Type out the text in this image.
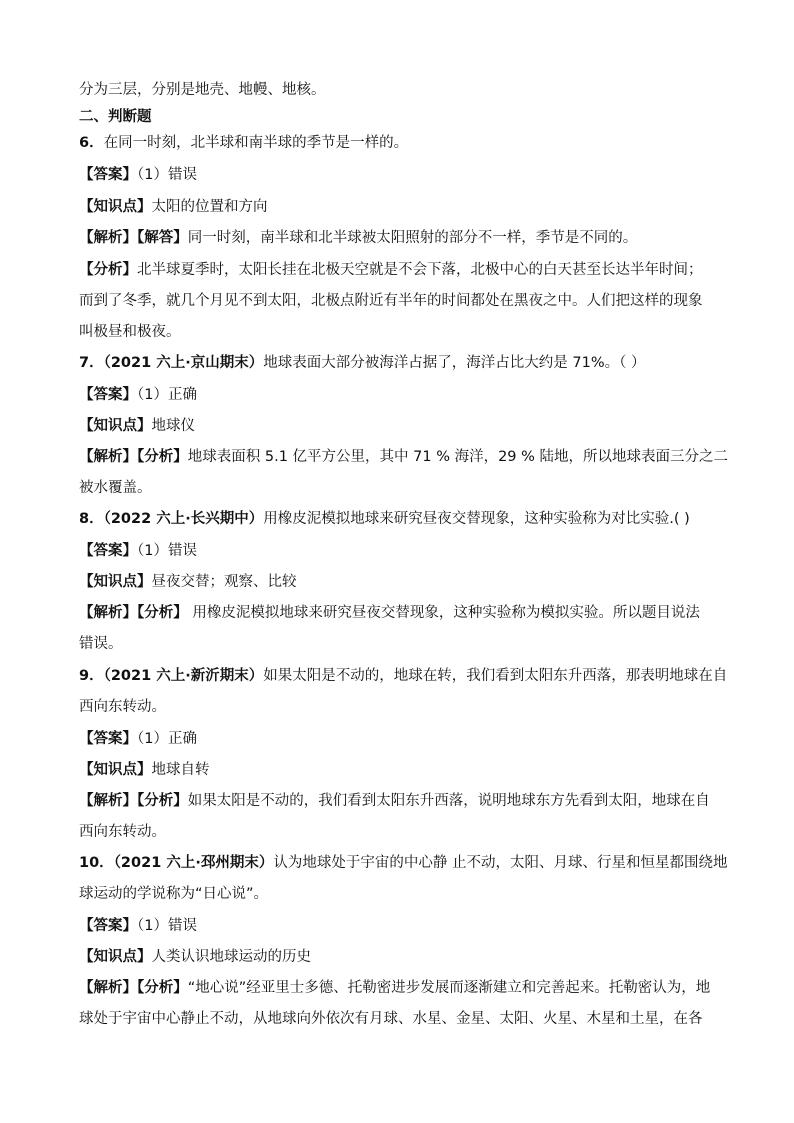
分为三层，分别是地壳、地幔、地核。
二、判断题
6．在同一时刻，北半球和南半球的季节是一样的。
【答案】（1）错误
【知识点】太阳的位置和方向
【解析】【解答】同一时刻，南半球和北半球被太阳照射的部分不一样，季节是不同的。
【分析】北半球夏季时，太阳长挂在北极天空就是不会下落，北极中心的白天甚至长达半年时间；
而到了冬季，就几个月见不到太阳，北极点附近有半年的时间都处在黑夜之中。人们把这样的现象
叫极昼和极夜。
7．（2021 六上·京山期末）地球表面大部分被海洋占据了，海洋占比大约是 71%。（ ）
【答案】（1）正确
【知识点】地球仪
【解析】【分析】地球表面积 5.1 亿平方公里，其中 71 % 海洋，29 % 陆地，所以地球表面三分之二
被水覆盖。
8．（2022 六上·长兴期中）用橡皮泥模拟地球来研究昼夜交替现象，这种实验称为对比实验.( )
【答案】（1）错误
【知识点】昼夜交替；观察、比较
【解析】【分析】 用橡皮泥模拟地球来研究昼夜交替现象，这种实验称为模拟实验。所以题目说法
错误。
9．（2021 六上·新沂期末）如果太阳是不动的，地球在转，我们看到太阳东升西落，那表明地球在自
西向东转动。
【答案】（1）正确
【知识点】地球自转
【解析】【分析】如果太阳是不动的，我们看到太阳东升西落，说明地球东方先看到太阳，地球在自
西向东转动。
10．（2021 六上·邳州期末）认为地球处于宇宙的中心静 止不动，太阳、月球、行星和恒星都围绕地
球运动的学说称为“日心说”。
【答案】（1）错误
【知识点】人类认识地球运动的历史
【解析】【分析】“地心说”经亚里士多德、托勒密进步发展而逐渐建立和完善起来。托勒密认为，地
球处于宇宙中心静止不动，从地球向外依次有月球、水星、金星、太阳、火星、木星和土星，在各
